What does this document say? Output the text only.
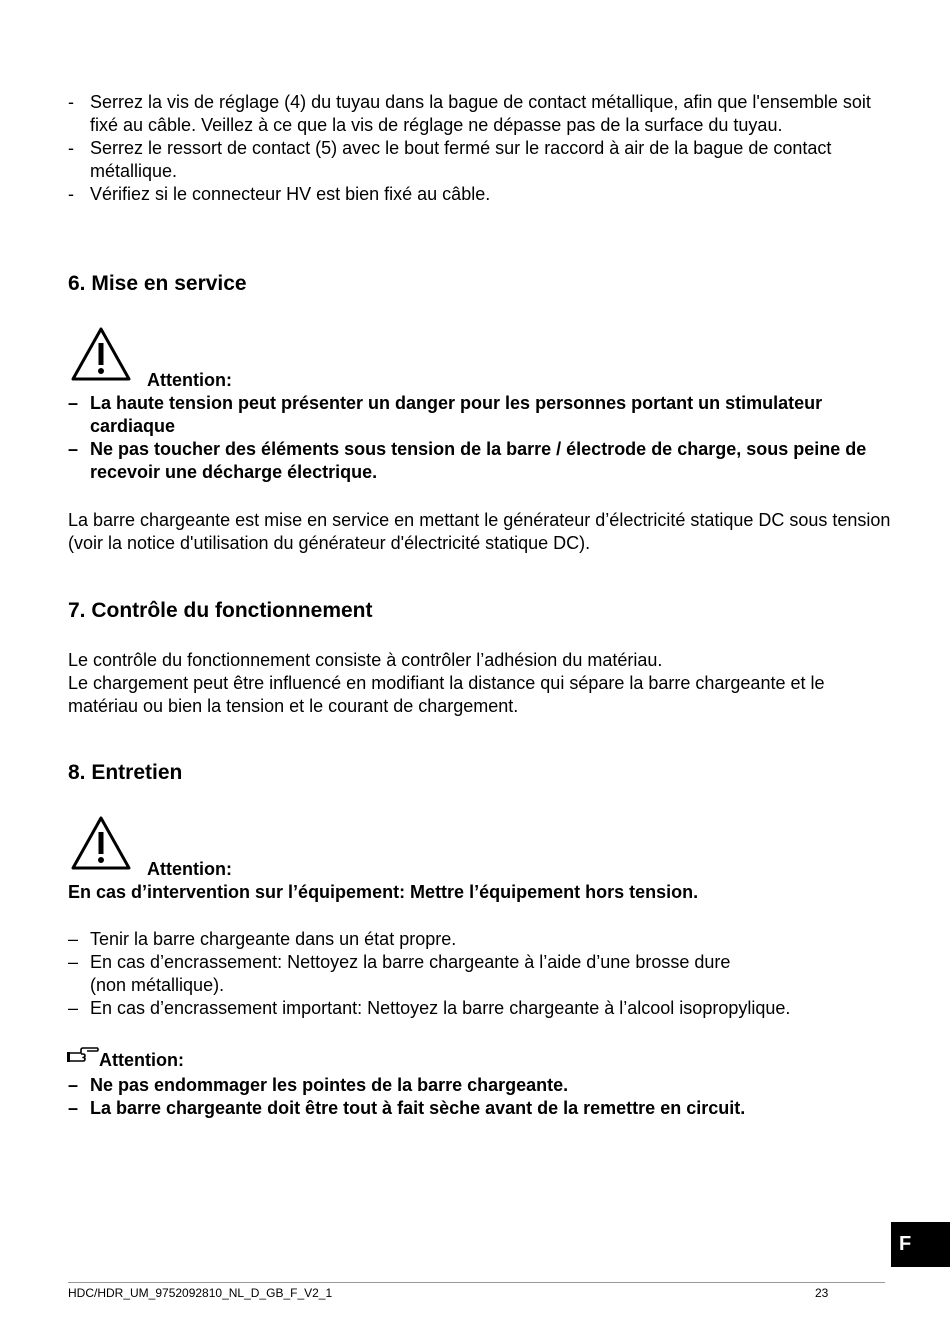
- Serrez la vis de réglage (4) du tuyau dans la bague de contact métallique, afin que l'ensemble soit fixé au câble. Veillez à ce que la vis de réglage ne dépasse pas de la surface du tuyau.
- Serrez le ressort de contact (5) avec le bout fermé sur le raccord à air de la bague de contact métallique.
- Vérifiez si le connecteur HV est bien fixé au câble.
6. Mise en service
Attention:
– La haute tension peut présenter un danger pour les personnes portant un stimulateur cardiaque
– Ne pas toucher des éléments sous tension de la barre / électrode de charge, sous peine de recevoir une décharge électrique.

La barre chargeante est mise en service en mettant le générateur d’électricité statique DC sous tension (voir la notice d'utilisation du générateur d'électricité statique DC).

7. Contrôle du fonctionnement

Le contrôle du fonctionnement consiste à contrôler l’adhésion du matériau.

Le chargement peut être influencé en modifiant la distance qui sépare la barre chargeante et le matériau ou bien la tension et le courant de chargement.

8. Entretien
Attention:
En cas d’intervention sur l’équipement: Mettre l’équipement hors tension.
– Tenir la barre chargeante dans un état propre.
– En cas d’encrassement: Nettoyez la barre chargeante à l’aide d’une brosse dure
(non métallique).
– En cas d’encrassement important: Nettoyez la barre chargeante à l’alcool isopropylique.
Attention:
– Ne pas endommager les pointes de la barre chargeante.
– La barre chargeante doit être tout à fait sèche avant de la remettre en circuit.
F
HDC/HDR_UM_9752092810_NL_D_GB_F_V2_1	23
